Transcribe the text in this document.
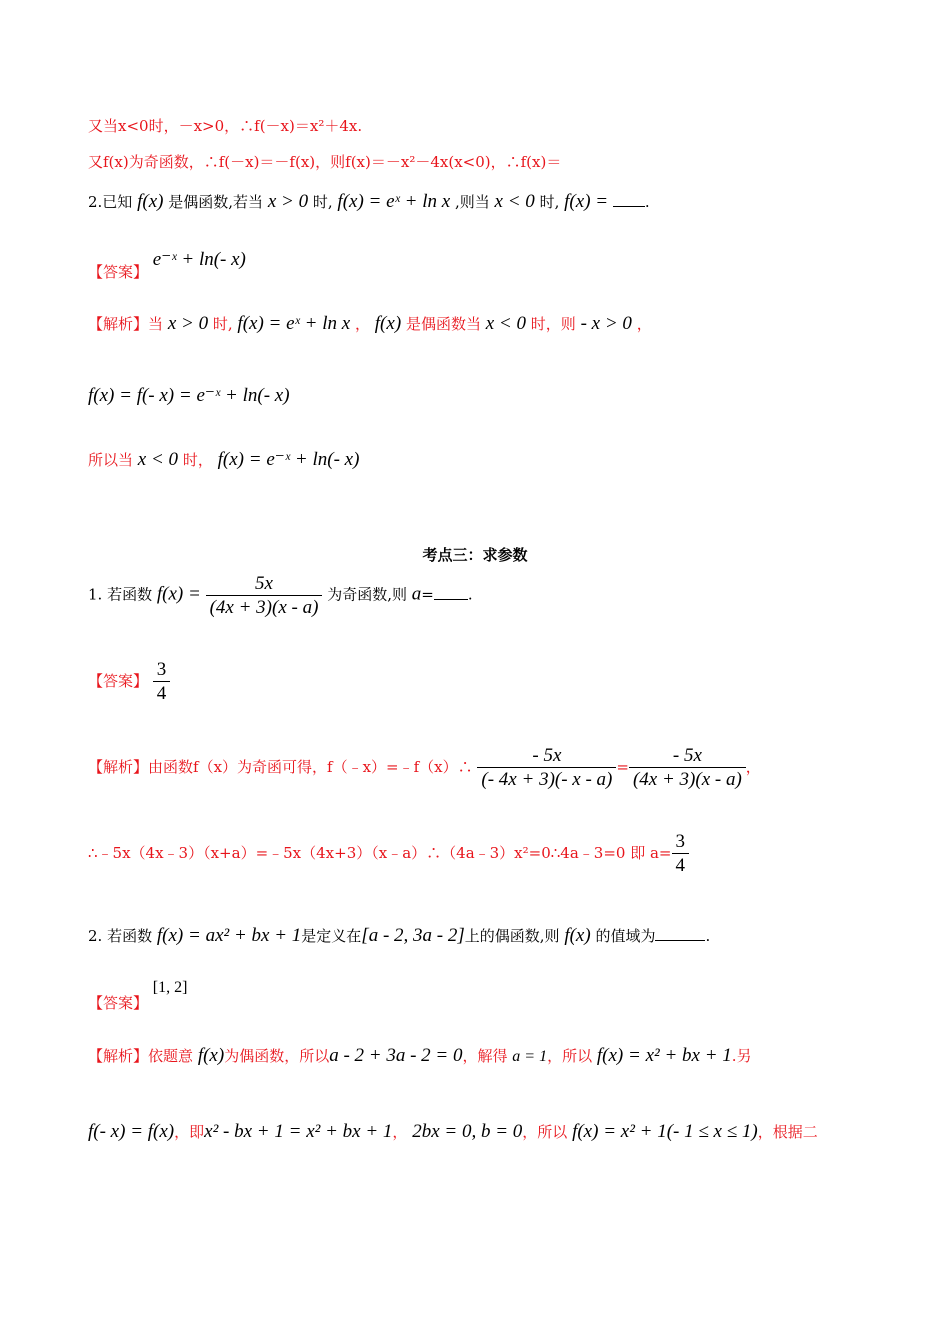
又当x<0时，－x>0，∴f(－x)＝x²＋4x.
又f(x)为奇函数，∴f(－x)＝－f(x)，则f(x)＝－x²－4x(x<0)，∴f(x)＝
2.已知 f(x) 是偶函数,若当 x > 0 时, f(x) = eˣ + ln x ,则当 x < 0 时, f(x) = .
【答案】 e⁻ˣ + ln(- x)
【解析】当 x > 0 时, f(x) = eˣ + ln x ， f(x) 是偶函数当 x < 0 时，则 - x > 0 ，
f(x) = f(- x) = e⁻ˣ + ln(- x)
所以当 x < 0 时， f(x) = e⁻ˣ + ln(- x)
考点三：求参数
1. 若函数 $f(x) = \frac{5x}{(4x + 3)(x - a)}$ 为奇函数,则 a= .
【答案】 $\frac{3}{4}$
【解析】由函数f（x）为奇函可得，f（﹣x）=﹣f（x）∴ $\frac{- 5x}{(- 4x + 3)(- x - a)} = \frac{- 5x}{(4x + 3)(x - a)}$ ，
∴﹣5x（4x﹣3）（x+a）=﹣5x（4x+3）（x﹣a）∴（4a﹣3）x²=0∴4a﹣3=0 即 $a= \frac{3}{4}$
2. 若函数 f(x) = ax² + bx + 1是定义在[a - 2, 3a - 2]上的偶函数,则 f(x) 的值域为	.
【答案】 [1, 2]
【解析】依题意 f(x)为偶函数，所以a - 2 + 3a - 2 = 0，解得 a = 1，所以 f(x) = x² + bx + 1.另
f(- x) = f(x)，即x² - bx + 1 = x² + bx + 1， 2bx = 0, b = 0，所以 f(x) = x² + 1(- 1 ≤ x ≤ 1)，根据二
